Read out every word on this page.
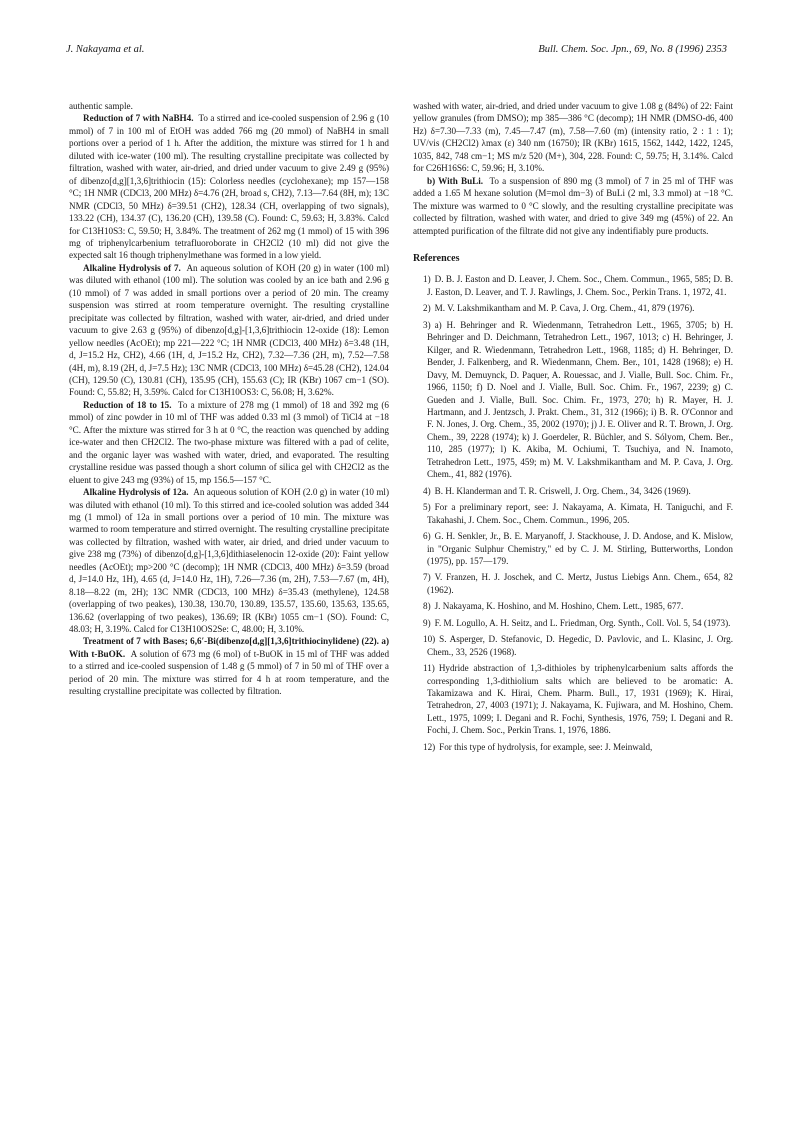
J. Nakayama et al.	Bull. Chem. Soc. Jpn., 69, No. 8 (1996) 2353

authentic sample.

Reduction of 7 with NaBH4. To a stirred and ice-cooled suspension of 2.96 g (10 mmol) of 7 in 100 ml of EtOH was added 766 mg (20 mmol) of NaBH4 in small portions over a period of 1 h. After the addition, the mixture was stirred for 1 h and diluted with ice-water (100 ml). The resulting crystalline precipitate was collected by filtration, washed with water, air-dried, and dried under vacuum to give 2.49 g (95%) of dibenzo[d,g][1,3,6]trithiocin (15): Colorless needles (cyclohexane); mp 157—158 °C; 1H NMR (CDCl3, 200 MHz) δ=4.76 (2H, broad s, CH2), 7.13—7.64 (8H, m); 13C NMR (CDCl3, 50 MHz) δ=39.51 (CH2), 128.34 (CH, overlapping of two signals), 133.22 (CH), 134.37 (C), 136.20 (CH), 139.58 (C). Found: C, 59.63; H, 3.83%. Calcd for C13H10S3: C, 59.50; H, 3.84%. The treatment of 262 mg (1 mmol) of 15 with 396 mg of triphenylcarbenium tetrafluoroborate in CH2Cl2 (10 ml) did not give the expected salt 16 though triphenylmethane was formed in a low yield.

Alkaline Hydrolysis of 7. An aqueous solution of KOH (20 g) in water (100 ml) was diluted with ethanol (100 ml). The solution was cooled by an ice bath and 2.96 g (10 mmol) of 7 was added in small portions over a period of 20 min. The creamy suspension was stirred at room temperature overnight. The resulting crystalline precipitate was collected by filtration, washed with water, air-dried, and dried under vacuum to give 2.63 g (95%) of dibenzo[d,g]-[1,3,6]trithiocin 12-oxide (18): Lemon yellow needles (AcOEt); mp 221—222 °C; 1H NMR (CDCl3, 400 MHz) δ=3.48 (1H, d, J=15.2 Hz, CH2), 4.66 (1H, d, J=15.2 Hz, CH2), 7.32—7.36 (2H, m), 7.52—7.58 (4H, m), 8.19 (2H, d, J=7.5 Hz); 13C NMR (CDCl3, 100 MHz) δ=45.28 (CH2), 124.04 (CH), 129.50 (C), 130.81 (CH), 135.95 (CH), 155.63 (C); IR (KBr) 1067 cm−1 (SO). Found: C, 55.82; H, 3.59%. Calcd for C13H10OS3: C, 56.08; H, 3.62%.

Reduction of 18 to 15. To a mixture of 278 mg (1 mmol) of 18 and 392 mg (6 mmol) of zinc powder in 10 ml of THF was added 0.33 ml (3 mmol) of TiCl4 at −18 °C. After the mixture was stirred for 3 h at 0 °C, the reaction was quenched by adding ice-water and then CH2Cl2. The two-phase mixture was filtered with a pad of celite, and the organic layer was washed with water, dried, and evaporated. The resulting crystalline residue was passed though a short column of silica gel with CH2Cl2 as the eluent to give 243 mg (93%) of 15, mp 156.5—157 °C.

Alkaline Hydrolysis of 12a. An aqueous solution of KOH (2.0 g) in water (10 ml) was diluted with ethanol (10 ml). To this stirred and ice-cooled solution was added 344 mg (1 mmol) of 12a in small portions over a period of 10 min. The mixture was warmed to room temperature and stirred overnight. The resulting crystalline precipitate was collected by filtration, washed with water, air dried, and dried under vacuum to give 238 mg (73%) of dibenzo[d,g]-[1,3,6]dithiaselenocin 12-oxide (20): Faint yellow needles (AcOEt); mp>200 °C (decomp); 1H NMR (CDCl3, 400 MHz) δ=3.59 (broad d, J=14.0 Hz, 1H), 4.65 (d, J=14.0 Hz, 1H), 7.26—7.36 (m, 2H), 7.53—7.67 (m, 4H), 8.18—8.22 (m, 2H); 13C NMR (CDCl3, 100 MHz) δ=35.43 (methylene), 124.58 (overlapping of two peakes), 130.38, 130.70, 130.89, 135.57, 135.60, 135.63, 135.65, 136.62 (overlapping of two peakes), 136.69; IR (KBr) 1055 cm−1 (SO). Found: C, 48.03; H, 3.19%. Calcd for C13H10OS2Se: C, 48.00; H, 3.10%.

Treatment of 7 with Bases; 6,6′-Bi(dibenzo[d,g][1,3,6]trithiocinylidene) (22). a) With t-BuOK. A solution of 673 mg (6 mol) of t-BuOK in 15 ml of THF was added to a stirred and ice-cooled suspension of 1.48 g (5 mmol) of 7 in 50 ml of THF over a period of 20 min. The mixture was stirred for 4 h at room temperature, and the resulting crystalline precipitate was collected by filtration.

washed with water, air-dried, and dried under vacuum to give 1.08 g (84%) of 22: Faint yellow granules (from DMSO); mp 385—386 °C (decomp); 1H NMR (DMSO-d6, 400 Hz) δ=7.30—7.33 (m), 7.45—7.47 (m), 7.58—7.60 (m) (intensity ratio, 2 : 1 : 1); UV/vis (CH2Cl2) λmax (ε) 340 nm (16750); IR (KBr) 1615, 1562, 1442, 1422, 1245, 1035, 842, 748 cm−1; MS m/z 520 (M+), 304, 228. Found: C, 59.75; H, 3.14%. Calcd for C26H16S6: C, 59.96; H, 3.10%.

b) With BuLi. To a suspension of 890 mg (3 mmol) of 7 in 25 ml of THF was added a 1.65 M hexane solution (M=mol dm−3) of BuLi (2 ml, 3.3 mmol) at −18 °C. The mixture was warmed to 0 °C slowly, and the resulting crystalline precipitate was collected by filtration, washed with water, and dried to give 349 mg (45%) of 22. An attempted purification of the filtrate did not give any indentifiably pure products.

References

1) D. B. J. Easton and D. Leaver, J. Chem. Soc., Chem. Commun., 1965, 585; D. B. J. Easton, D. Leaver, and T. J. Rawlings, J. Chem. Soc., Perkin Trans. 1, 1972, 41.

2) M. V. Lakshmikantham and M. P. Cava, J. Org. Chem., 41, 879 (1976).

3) a) H. Behringer and R. Wiedenmann, Tetrahedron Lett., 1965, 3705; b) H. Behringer and D. Deichmann, Tetrahedron Lett., 1967, 1013; c) H. Behringer, J. Kilger, and R. Wiedenmann, Tetrahedron Lett., 1968, 1185; d) H. Behringer, D. Bender, J. Falkenberg, and R. Wiedenmann, Chem. Ber., 101, 1428 (1968); e) H. Davy, M. Demuynck, D. Paquer, A. Rouessac, and J. Vialle, Bull. Soc. Chim. Fr., 1966, 1150; f) D. Noel and J. Vialle, Bull. Soc. Chim. Fr., 1967, 2239; g) C. Gueden and J. Vialle, Bull. Soc. Chim. Fr., 1973, 270; h) R. Mayer, H. J. Hartmann, and J. Jentzsch, J. Prakt. Chem., 31, 312 (1966); i) B. R. O'Connor and F. N. Jones, J. Org. Chem., 35, 2002 (1970); j) J. E. Oliver and R. T. Brown, J. Org. Chem., 39, 2228 (1974); k) J. Goerdeler, R. Büchler, and S. Sólyom, Chem. Ber., 110, 285 (1977); l) K. Akiba, M. Ochiumi, T. Tsuchiya, and N. Inamoto, Tetrahedron Lett., 1975, 459; m) M. V. Lakshmikantham and M. P. Cava, J. Org. Chem., 41, 882 (1976).

4) B. H. Klanderman and T. R. Criswell, J. Org. Chem., 34, 3426 (1969).

5) For a preliminary report, see: J. Nakayama, A. Kimata, H. Taniguchi, and F. Takahashi, J. Chem. Soc., Chem. Commun., 1996, 205.

6) G. H. Senkler, Jr., B. E. Maryanoff, J. Stackhouse, J. D. Andose, and K. Mislow, in "Organic Sulphur Chemistry," ed by C. J. M. Stirling, Butterworths, London (1975), pp. 157—179.

7) V. Franzen, H. J. Joschek, and C. Mertz, Justus Liebigs Ann. Chem., 654, 82 (1962).

8) J. Nakayama, K. Hoshino, and M. Hoshino, Chem. Lett., 1985, 677.

9) F. M. Logullo, A. H. Seitz, and L. Friedman, Org. Synth., Coll. Vol. 5, 54 (1973).

10) S. Asperger, D. Stefanovic, D. Hegedic, D. Pavlovic, and L. Klasinc, J. Org. Chem., 33, 2526 (1968).

11) Hydride abstraction of 1,3-dithioles by triphenylcarbenium salts affords the corresponding 1,3-dithiolium salts which are believed to be aromatic: A. Takamizawa and K. Hirai, Chem. Pharm. Bull., 17, 1931 (1969); K. Hirai, Tetrahedron, 27, 4003 (1971); J. Nakayama, K. Fujiwara, and M. Hoshino, Chem. Lett., 1975, 1099; I. Degani and R. Fochi, Synthesis, 1976, 759; I. Degani and R. Fochi, J. Chem. Soc., Perkin Trans. 1, 1976, 1886.

12) For this type of hydrolysis, for example, see: J. Meinwald,
